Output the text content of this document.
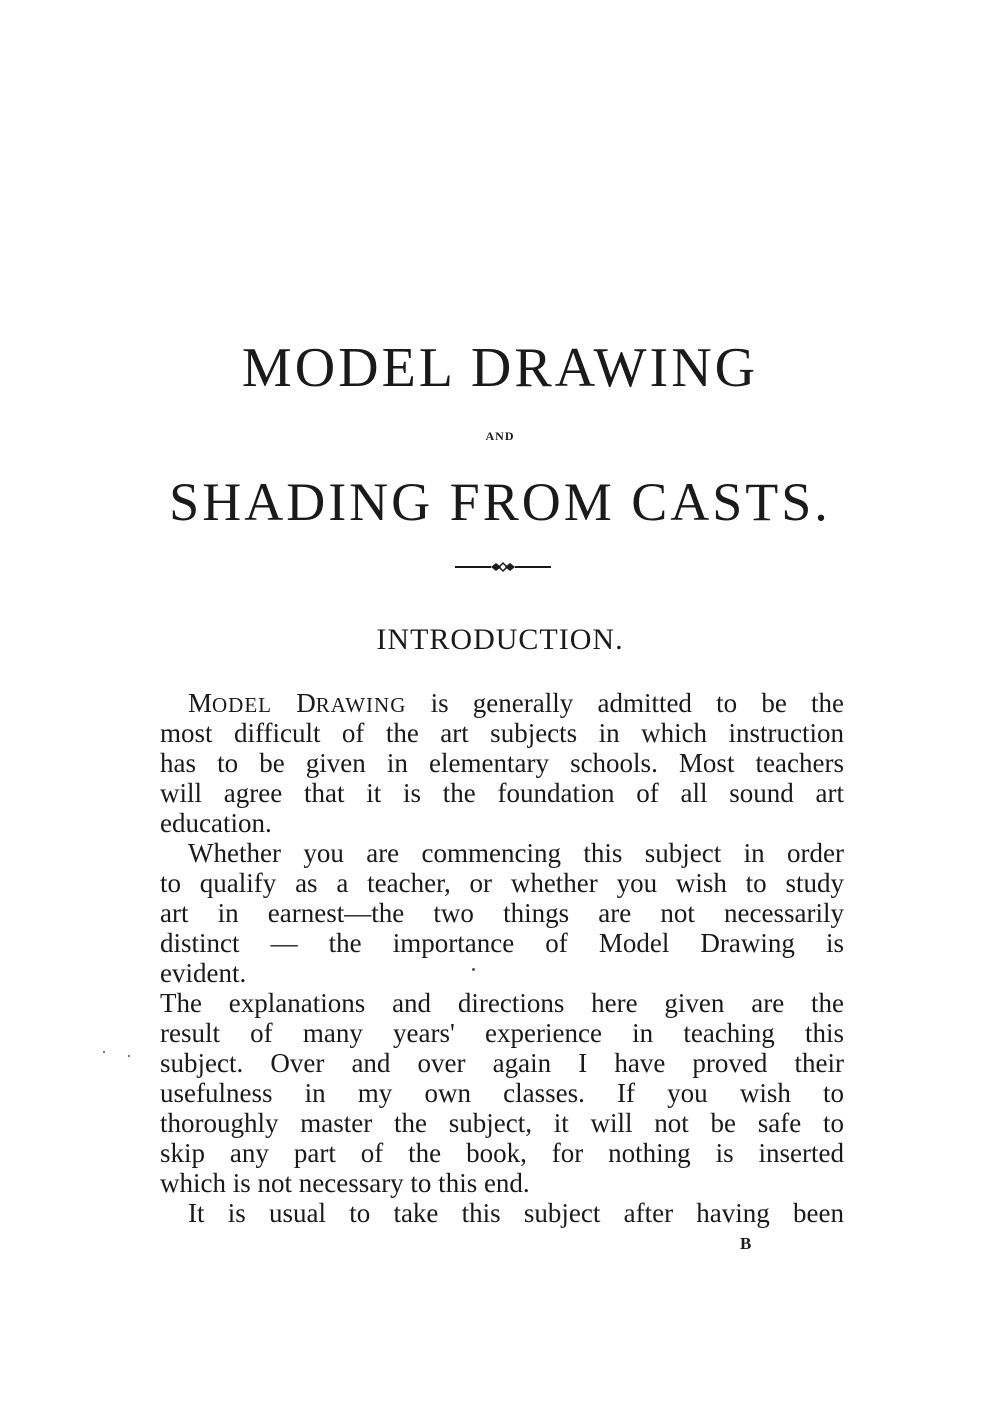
MODEL DRAWING
AND
SHADING FROM CASTS.
INTRODUCTION.
MODEL DRAWING is generally admitted to be the
most difficult of the art subjects in which instruction
has to be given in elementary schools. Most teachers
will agree that it is the foundation of all sound art
education.
Whether you are commencing this subject in order
to qualify as a teacher, or whether you wish to study
art in earnest—the two things are not necessarily
distinct — the importance of Model Drawing is
evident.
The explanations and directions here given are the
result of many years' experience in teaching this
subject. Over and over again I have proved their
usefulness in my own classes. If you wish to
thoroughly master the subject, it will not be safe to
skip any part of the book, for nothing is inserted
which is not necessary to this end.
It is usual to take this subject after having been
B
